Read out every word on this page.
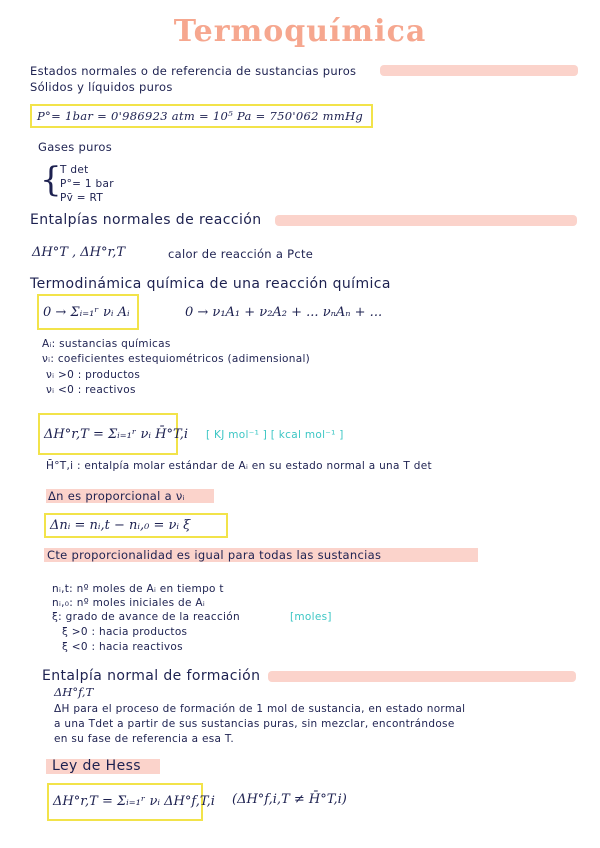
Termoquímica
Estados normales o de referencia de sustancias puros
Sólidos y líquidos puros
P°= 1bar = 0'986923 atm = 10⁵ Pa = 750'062 mmHg
Gases puros
{
T det
P°= 1 bar
Pv̄ = RT
Entalpías normales de reacción
ΔH°T , ΔH°r,T	calor de reacción a Pcte
Termodinámica química de una reacción química
0 → Σᵢ₌₁ʳ νᵢ Aᵢ	0 → ν₁A₁ + ν₂A₂ + ... νₙAₙ + ...
Aᵢ: sustancias químicas
νᵢ: coeficientes estequiométricos (adimensional)
νᵢ >0 : productos
νᵢ <0 : reactivos
ΔH°r,T = Σᵢ₌₁ʳ νᵢ H̄°T,i [ KJ mol⁻¹ ] [ kcal mol⁻¹ ]
H̄°T,i : entalpía molar estándar de Aᵢ en su estado normal a una T det
Δn es proporcional a νᵢ
Δnᵢ = nᵢ,t − nᵢ,₀ = νᵢ ξ
Cte proporcionalidad es igual para todas las sustancias
nᵢ,t: nº moles de Aᵢ en tiempo t
nᵢ,₀: nº moles iniciales de Aᵢ
ξ: grado de avance de la reacción	[moles]
ξ >0 : hacia productos
ξ <0 : hacia reactivos
Entalpía normal de formación
ΔH°f,T
ΔH para el proceso de formación de 1 mol de sustancia, en estado normal
a una Tdet a partir de sus sustancias puras, sin mezclar, encontrándose
en su fase de referencia a esa T.
Ley de Hess
ΔH°r,T = Σᵢ₌₁ʳ νᵢ ΔH°f,T,i (ΔH°f,i,T ≠ H̄°T,i)
